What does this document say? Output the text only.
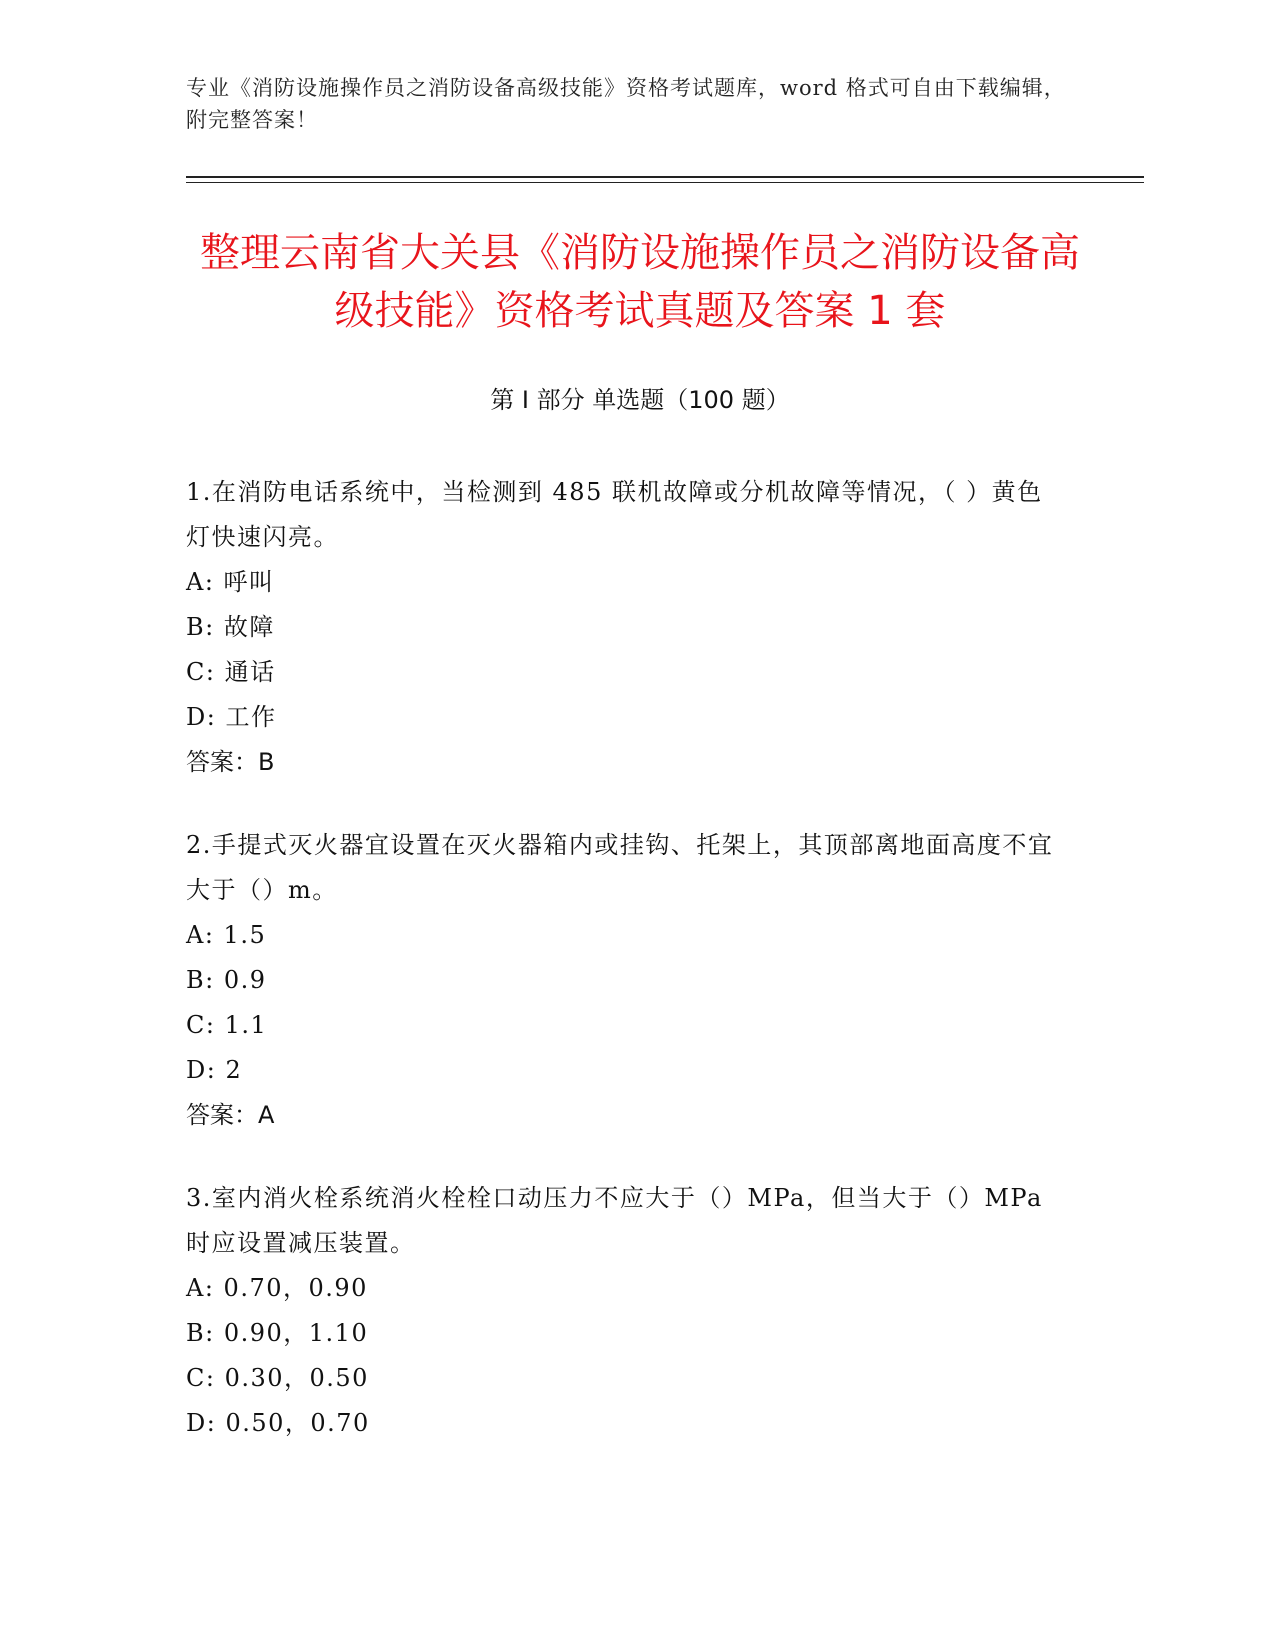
专业《消防设施操作员之消防设备高级技能》资格考试题库，word 格式可自由下载编辑，附完整答案！
整理云南省大关县《消防设施操作员之消防设备高级技能》资格考试真题及答案 1 套
第 I 部分 单选题（100 题）
1.在消防电话系统中，当检测到 485 联机故障或分机故障等情况，（ ）黄色灯快速闪亮。
A: 呼叫
B: 故障
C: 通话
D: 工作
答案：B
2.手提式灭火器宜设置在灭火器箱内或挂钩、托架上，其顶部离地面高度不宜大于（）m。
A: 1.5
B: 0.9
C: 1.1
D: 2
答案：A
3.室内消火栓系统消火栓栓口动压力不应大于（）MPa，但当大于（）MPa 时应设置减压装置。
A: 0.70，0.90
B: 0.90，1.10
C: 0.30，0.50
D: 0.50，0.70
